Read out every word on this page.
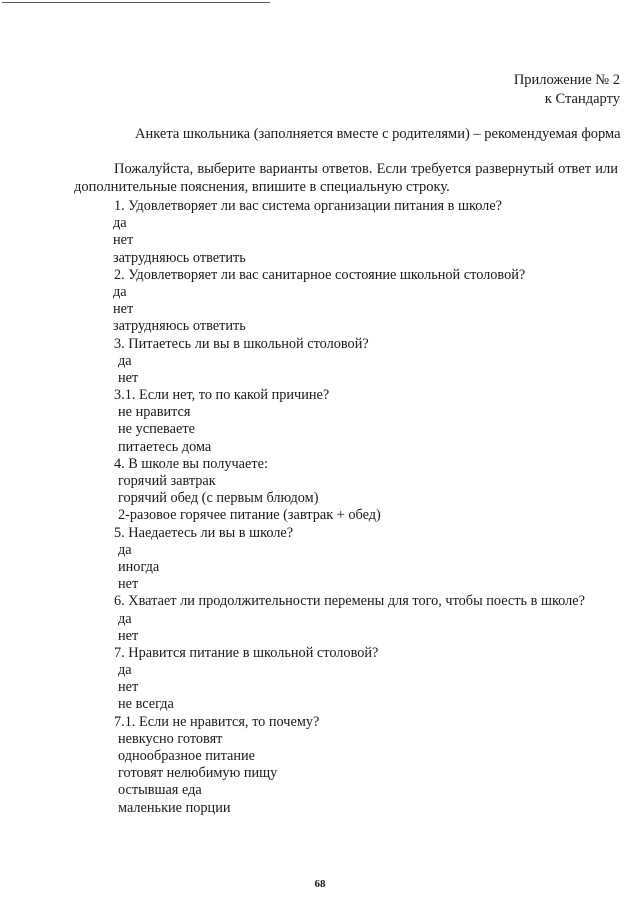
Приложение № 2
к Стандарту
Анкета школьника (заполняется вместе с родителями) – рекомендуемая форма

Пожалуйста, выберите варианты ответов. Если требуется развернутый ответ или дополнительные пояснения, впишите в специальную строку.

1. Удовлетворяет ли вас система организации питания в школе?
да
нет
затрудняюсь ответить
2. Удовлетворяет ли вас санитарное состояние школьной столовой?
да
нет
затрудняюсь ответить
3. Питаетесь ли вы в школьной столовой?
да
нет
3.1. Если нет, то по какой причине?
не нравится
не успеваете
питаетесь дома
4. В школе вы получаете:
горячий завтрак
горячий обед (с первым блюдом)
2-разовое горячее питание (завтрак + обед)
5. Наедаетесь ли вы в школе?
да
иногда
нет
6. Хватает ли продолжительности перемены для того, чтобы поесть в школе?
да
нет
7. Нравится питание в школьной столовой?
да
нет
не всегда
7.1. Если не нравится, то почему?
невкусно готовят
однообразное питание
готовят нелюбимую пищу
остывшая еда
маленькие порции
68
